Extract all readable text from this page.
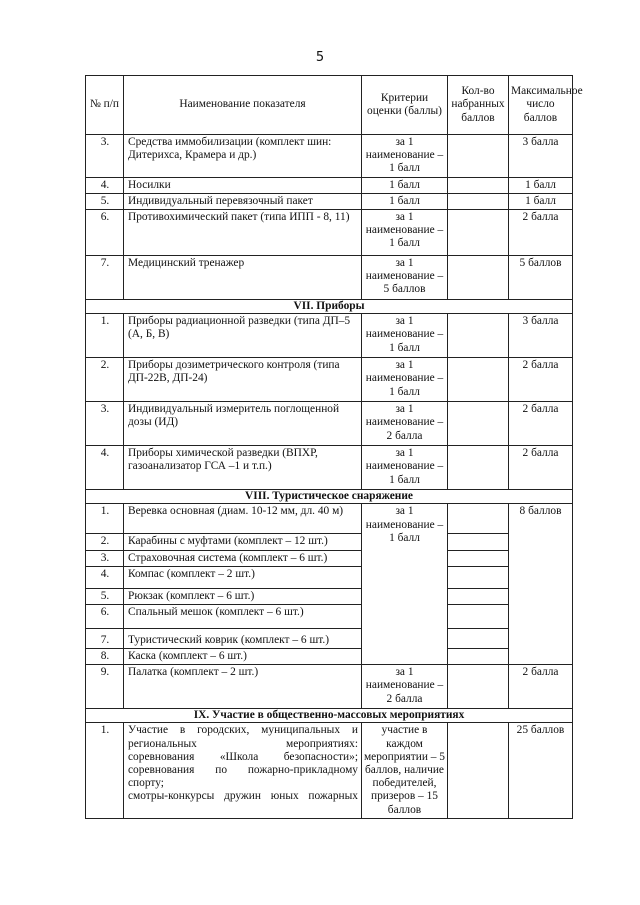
5
№ п/п	Наименование показателя	Критерии оценки (баллы)	Кол-во набранных баллов	Максимальное число баллов
3.	Средства иммобилизации (комплект шин: Дитерихса, Крамера и др.)	за 1 наименование – 1 балл		3 балла
4.	Носилки	1 балл		1 балл
5.	Индивидуальный перевязочный пакет	1 балл		1 балл
6.	Противохимический пакет (типа ИПП - 8, 11)	за 1 наименование – 1 балл		2 балла
7.	Медицинский тренажер	за 1 наименование – 5 баллов		5 баллов
VII. Приборы				
1.	Приборы радиационной разведки (типа ДП–5 (А, Б, В)	за 1 наименование – 1 балл		3 балла
2.	Приборы дозиметрического контроля (типа ДП-22В, ДП-24)	за 1 наименование – 1 балл		2 балла
3.	Индивидуальный измеритель поглощенной дозы (ИД)	за 1 наименование – 2 балла		2 балла
4.	Приборы химической разведки (ВПХР, газоанализатор ГСА –1 и т.п.)	за 1 наименование – 1 балл		2 балла
VIII. Туристическое снаряжение				
1.	Веревка основная (диам. 10-12 мм, дл. 40 м)	за 1 наименование – 1 балл		8 баллов
2.	Карабины с муфтами (комплект – 12 шт.)			
3.	Страховочная система (комплект – 6 шт.)			
4.	Компас (комплект – 2 шт.)			
5.	Рюкзак (комплект – 6 шт.)			
6.	Спальный мешок (комплект – 6 шт.)			
7.	Туристический коврик (комплект – 6 шт.)			
8.	Каска (комплект – 6 шт.)			
9.	Палатка (комплект – 2 шт.)	за 1 наименование – 2 балла		2 балла
IX. Участие в общественно-массовых мероприятиях				
1.	Участие в городских, муниципальных и региональных мероприятиях:
соревнования «Школа безопасности»;
соревнования по пожарно-прикладному спорту;
смотры-конкурсы дружин юных пожарных	участие в каждом мероприятии – 5 баллов, наличие победителей, призеров – 15 баллов		25 баллов
